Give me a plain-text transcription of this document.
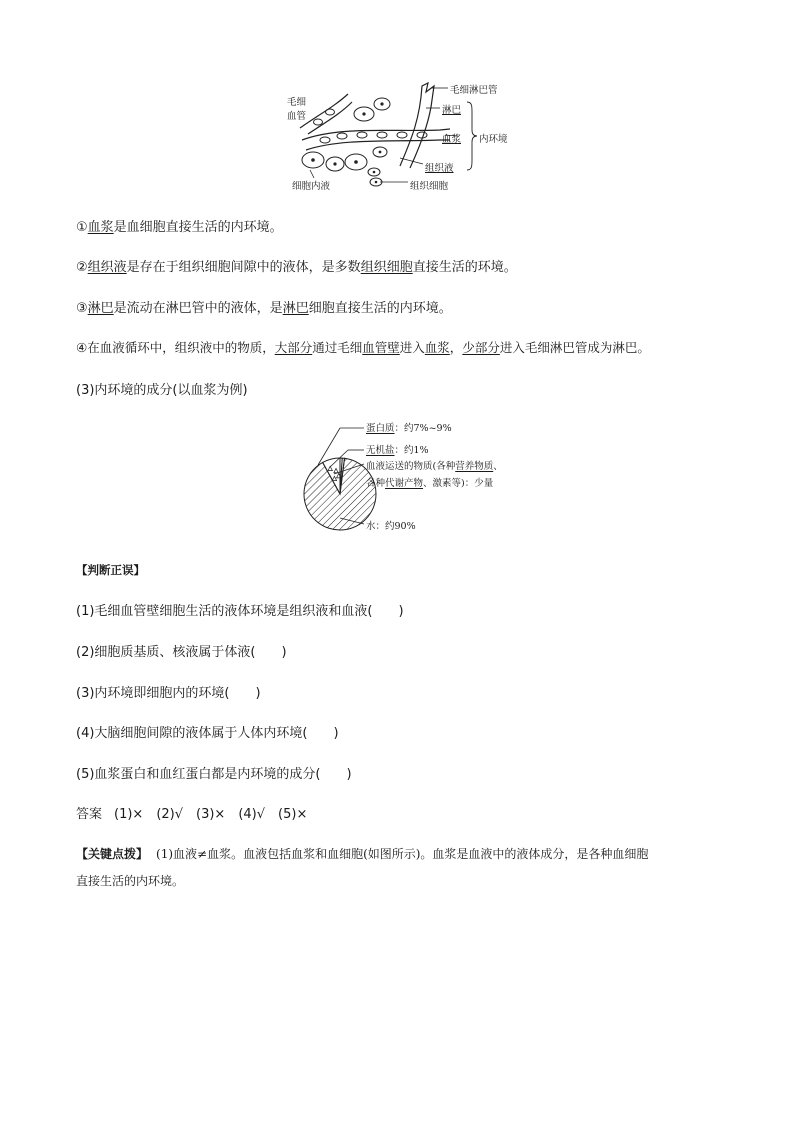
毛细
血管
毛细淋巴管
淋巴
血浆 内环境
组织液
组织细胞
细胞内液
①血浆是血细胞直接生活的内环境。
②组织液是存在于组织细胞间隙中的液体，是多数组织细胞直接生活的环境。
③淋巴是流动在淋巴管中的液体，是淋巴细胞直接生活的内环境。
④在血液循环中，组织液中的物质，大部分通过毛细血管壁进入血浆，少部分进入毛细淋巴管成为淋巴。
(3)内环境的成分(以血浆为例)
蛋白质：约7%~9%
无机盐：约1%
血液运送的物质(各种营养物质、
各种代谢产物、激素等)：少量
水：约90%
【判断正误】
(1)毛细血管壁细胞生活的液体环境是组织液和血液(　　)
(2)细胞质基质、核液属于体液(　　)
(3)内环境即细胞内的环境(　　)
(4)大脑细胞间隙的液体属于人体内环境(　　)
(5)血浆蛋白和血红蛋白都是内环境的成分(　　)
答案 (1)×　(2)√　(3)×　(4)√　(5)×
【关键点拨】 (1)血液≠血浆。血液包括血浆和血细胞(如图所示)。血浆是血液中的液体成分，是各种血细胞
直接生活的内环境。
